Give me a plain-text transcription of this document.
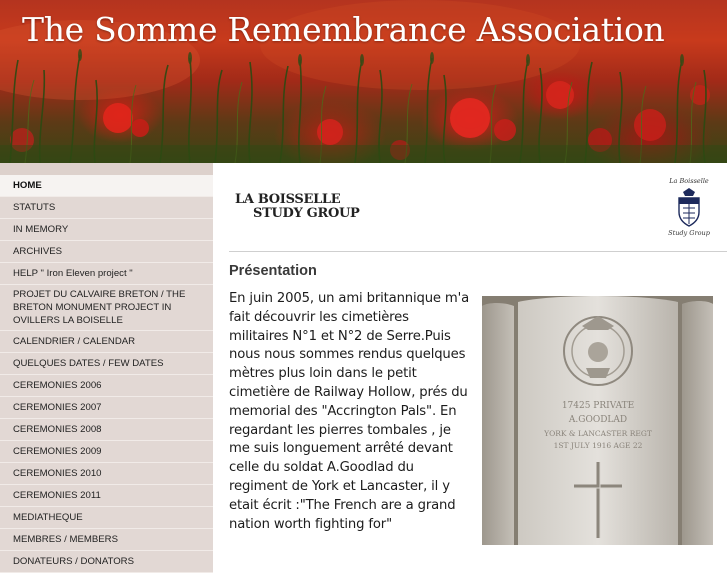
The Somme Remembrance Association
HOME
STATUTS
IN MEMORY
ARCHIVES
HELP " Iron Eleven project "
PROJET DU CALVAIRE BRETON / THE BRETON MONUMENT PROJECT IN OVILLERS LA BOISELLE
CALENDRIER / CALENDAR
QUELQUES DATES / FEW DATES
CEREMONIES 2006
CEREMONIES 2007
CEREMONIES 2008
CEREMONIES 2009
CEREMONIES 2010
CEREMONIES 2011
MEDIATHEQUE
MEMBRES / MEMBERS
DONATEURS / DONATORS
LA BOISSELLE
STUDY GROUP
La Boisselle
Study Group
Présentation

En juin 2005, un ami britannique m'a fait découvrir les cimetières militaires N°1 et N°2 de Serre.Puis nous nous sommes rendus quelques mètres plus loin dans le petit cimetière de Railway Hollow, prés du memorial des "Accrington Pals". En regardant les pierres tombales , je me suis longuement arrêté devant celle du soldat A.Goodlad du regiment de York et Lancaster, il y etait écrit :"The French are a grand nation worth fighting for"

17425 PRIVATE
A.GOODLAD
YORK & LANCASTER REGT
1ST JULY 1916 AGE 22
